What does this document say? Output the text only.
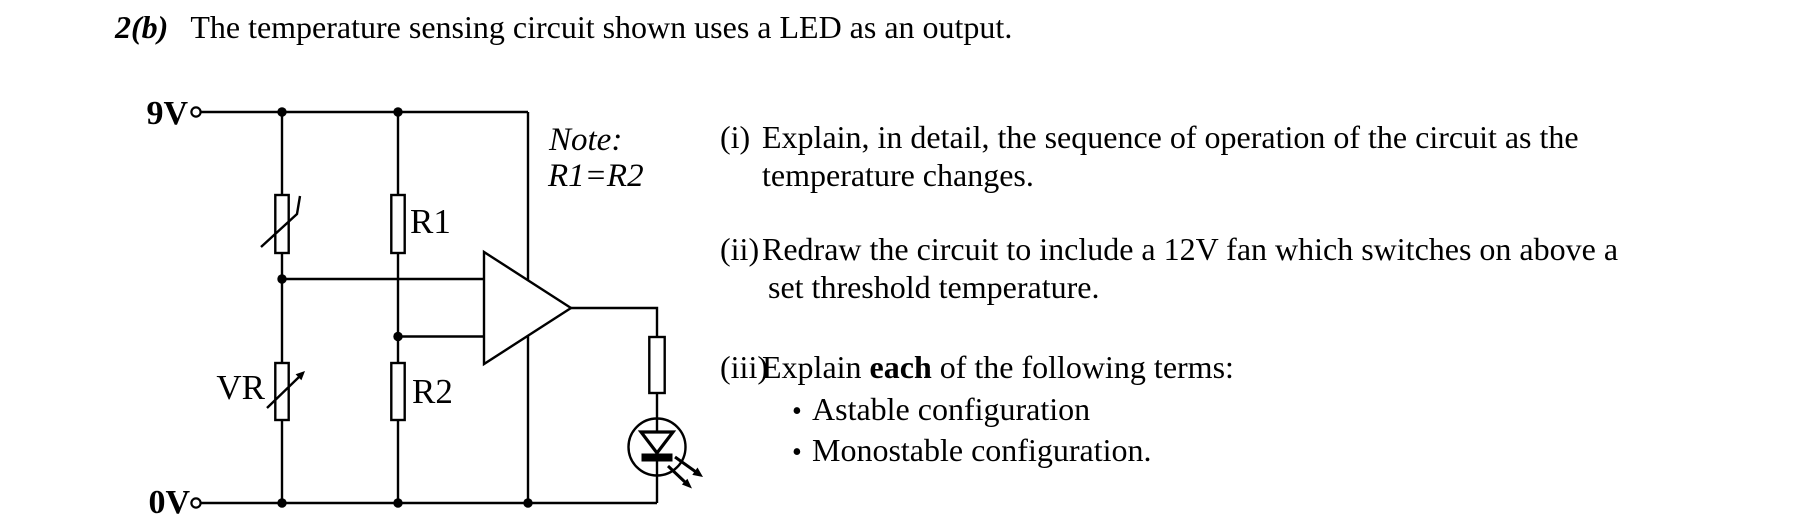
2(b) The temperature sensing circuit shown uses a LED as an output.
9V
0V
VR
R1
R2
Note:
R1=R2
(i) Explain, in detail, the sequence of operation of the circuit as the
temperature changes.
(ii) Redraw the circuit to include a 12V fan which switches on above a
set threshold temperature.
(iii)
Explain each of the following terms:
• Astable configuration
• Monostable configuration.
